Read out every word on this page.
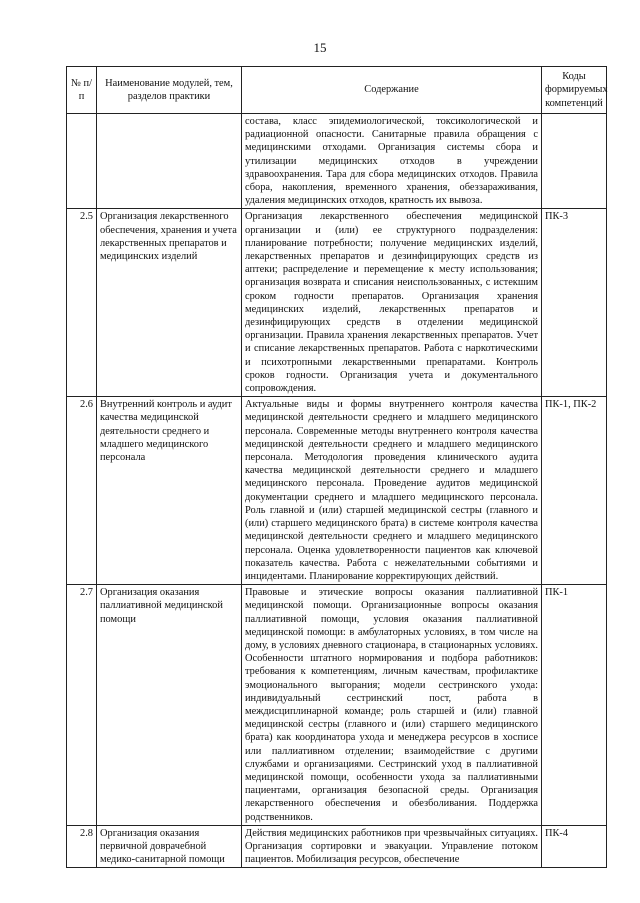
15
№ п/п	Наименование модулей, тем, разделов практики	Содержание	Коды формируемых компетенций
		состава, класс эпидемиологической, токсикологической и радиационной опасности. Санитарные правила обращения с медицинскими отходами. Организация системы сбора и утилизации медицинских отходов в учреждении здравоохранения. Тара для сбора медицинских отходов. Правила сбора, накопления, временного хранения, обеззараживания, удаления медицинских отходов, кратность их вывоза.	
2.5	Организация лекарственного обеспечения, хранения и учета лекарственных препаратов и медицинских изделий	Организация лекарственного обеспечения медицинской организации и (или) ее структурного подразделения: планирование потребности; получение медицинских изделий, лекарственных препаратов и дезинфицирующих средств из аптеки; распределение и перемещение к месту использования; организация возврата и списания неиспользованных, с истекшим сроком годности препаратов. Организация хранения медицинских изделий, лекарственных препаратов и дезинфицирующих средств в отделении медицинской организации. Правила хранения лекарственных препаратов. Учет и списание лекарственных препаратов. Работа с наркотическими и психотропными лекарственными препаратами. Контроль сроков годности. Организация учета и документального сопровождения.	ПК-3
2.6	Внутренний контроль и аудит качества медицинской деятельности среднего и младшего медицинского персонала	Актуальные виды и формы внутреннего контроля качества медицинской деятельности среднего и младшего медицинского персонала. Современные методы внутреннего контроля качества медицинской деятельности среднего и младшего медицинского персонала. Методология проведения клинического аудита качества медицинской деятельности среднего и младшего медицинского персонала. Проведение аудитов медицинской документации среднего и младшего медицинского персонала. Роль главной и (или) старшей медицинской сестры (главного и (или) старшего медицинского брата) в системе контроля качества медицинской деятельности среднего и младшего медицинского персонала. Оценка удовлетворенности пациентов как ключевой показатель качества. Работа с нежелательными событиями и инцидентами. Планирование корректирующих действий.	ПК-1, ПК-2
2.7	Организация оказания паллиативной медицинской помощи	Правовые и этические вопросы оказания паллиативной медицинской помощи. Организационные вопросы оказания паллиативной помощи, условия оказания паллиативной медицинской помощи: в амбулаторных условиях, в том числе на дому, в условиях дневного стационара, в стационарных условиях. Особенности штатного нормирования и подбора работников: требования к компетенциям, личным качествам, профилактике эмоционального выгорания; модели сестринского ухода: индивидуальный сестринский пост, работа в междисциплинарной команде; роль старшей и (или) главной медицинской сестры (главного и (или) старшего медицинского брата) как координатора ухода и менеджера ресурсов в хосписе или паллиативном отделении; взаимодействие с другими службами и организациями. Сестринский уход в паллиативной медицинской помощи, особенности ухода за паллиативными пациентами, организация безопасной среды. Организация лекарственного обеспечения и обезболивания. Поддержка родственников.	ПК-1
2.8	Организация оказания первичной доврачебной медико-санитарной помощи	Действия медицинских работников при чрезвычайных ситуациях. Организация сортировки и эвакуации. Управление потоком пациентов. Мобилизация ресурсов, обеспечение	ПК-4
